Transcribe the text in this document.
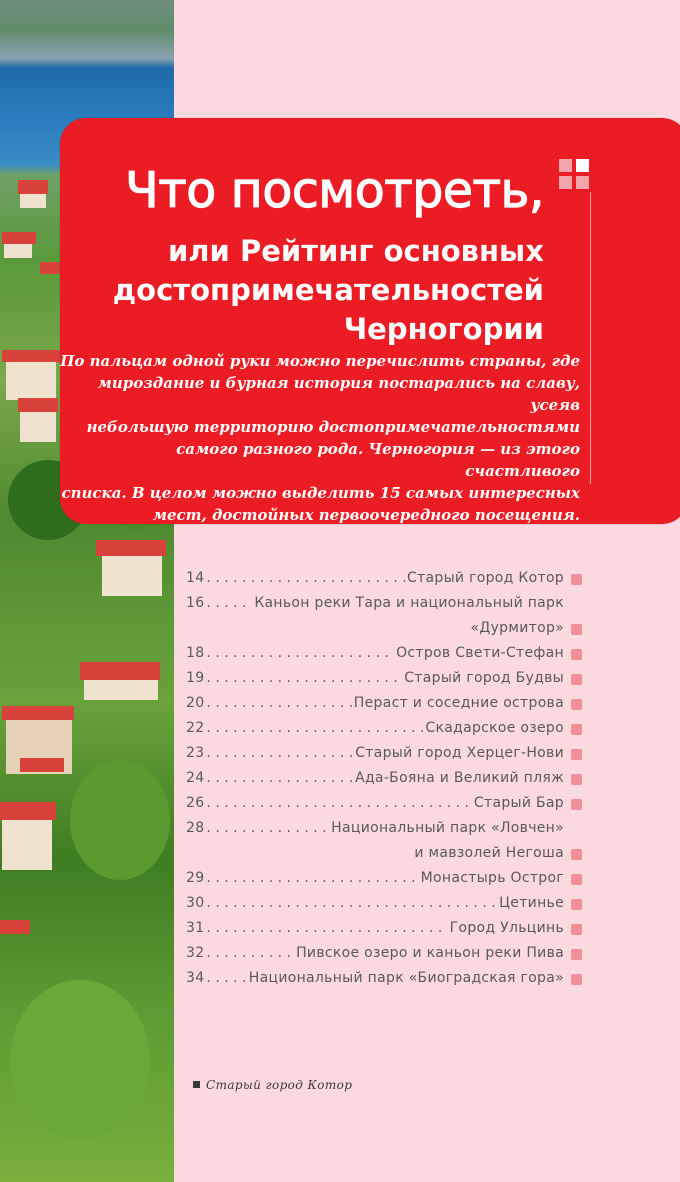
Что посмотреть,
или Рейтинг основных
достопримечательностей
Черногории
По пальцам одной руки можно перечислить страны, где
мироздание и бурная история постарались на славу, усеяв
небольшую территорию достопримечательностями
самого разного рода. Черногория — из этого счастливого
списка. В целом можно выделить 15 самых интересных
мест, достойных первоочередного посещения.
14 . . .	Старый город Котор
16 . . .	Каньон реки Тара и национальный парк
«Дурмитор»
18 . . .	Остров Свети-Стефан
19 . . .	Старый город Будвы
20 . . .	Пераст и соседние острова
22 . . .	Скадарское озеро
23 . . .	Старый город Херцег-Нови
24 . . .	Ада-Бояна и Великий пляж
26 . . .	Старый Бар
28 . . .	Национальный парк «Ловчен»
и мавзолей Негоша
29 . . .	Монастырь Острог
30 . . .	Цетинье
31 . . .	Город Ульцинь
32 . . .	Пивское озеро и каньон реки Пива
34 . . .	Национальный парк «Биоградская гора»
Старый город Котор
